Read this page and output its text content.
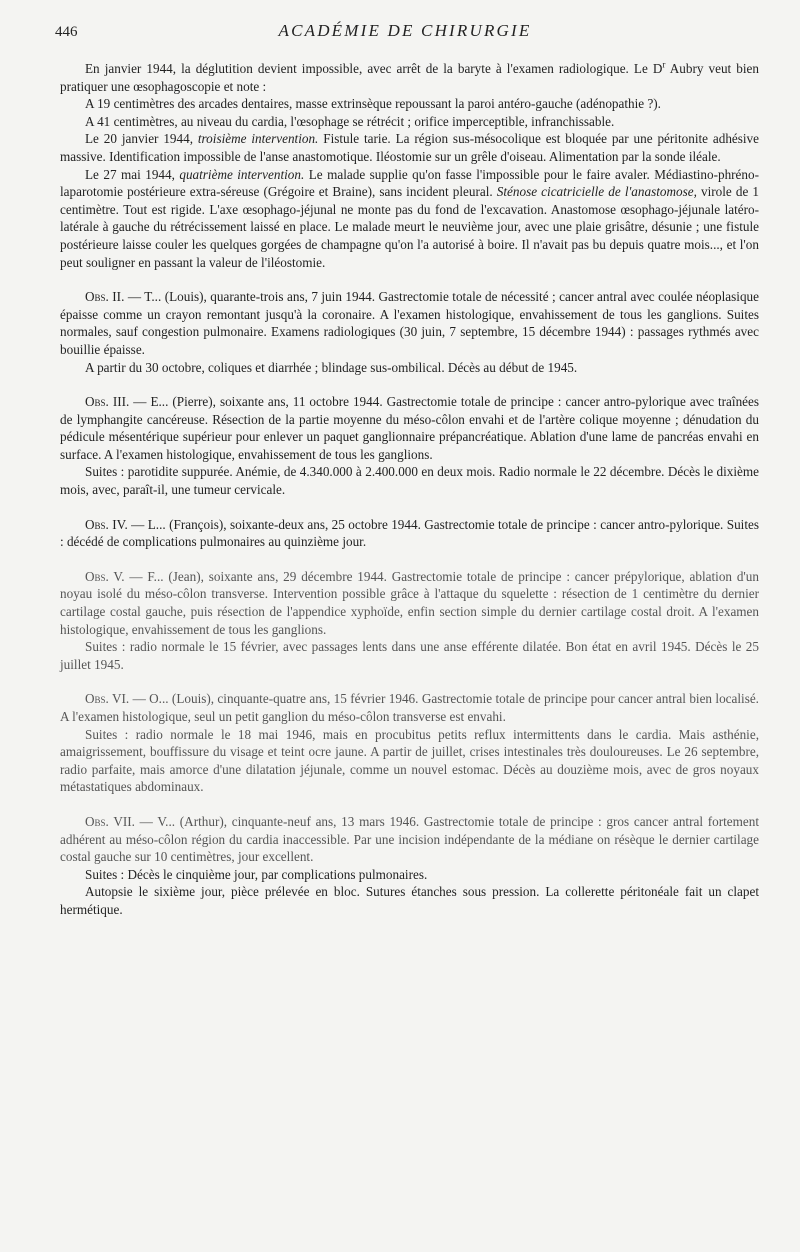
446	ACADÉMIE DE CHIRURGIE

En janvier 1944, la déglutition devient impossible, avec arrêt de la baryte à l'examen radiologique. Le $D^r$ Aubry veut bien pratiquer une œsophagoscopie et note :

A 19 centimètres des arcades dentaires, masse extrinsèque repoussant la paroi antéro-gauche (adénopathie ?).

A 41 centimètres, au niveau du cardia, l'œsophage se rétrécit ; orifice imperceptible, infranchissable.

Le 20 janvier 1944, troisième intervention. Fistule tarie. La région sus-mésocolique est bloquée par une péritonite adhésive massive. Identification impossible de l'anse anastomotique. Iléostomie sur un grêle d'oiseau. Alimentation par la sonde iléale.

Le 27 mai 1944, quatrième intervention. Le malade supplie qu'on fasse l'impossible pour le faire avaler. Médiastino-phréno-laparotomie postérieure extra-séreuse (Grégoire et Braine), sans incident pleural. Sténose cicatricielle de l'anastomose, virole de 1 centimètre. Tout est rigide. L'axe œsophago-jéjunal ne monte pas du fond de l'excavation. Anastomose œsophago-jéjunale latéro-latérale à gauche du rétrécissement laissé en place. Le malade meurt le neuvième jour, avec une plaie grisâtre, désunie ; une fistule postérieure laisse couler les quelques gorgées de champagne qu'on l'a autorisé à boire. Il n'avait pas bu depuis quatre mois..., et l'on peut souligner en passant la valeur de l'iléostomie.

Obs. II. — T... (Louis), quarante-trois ans, 7 juin 1944. Gastrectomie totale de nécessité ; cancer antral avec coulée néoplasique épaisse comme un crayon remontant jusqu'à la coronaire. A l'examen histologique, envahissement de tous les ganglions. Suites normales, sauf congestion pulmonaire. Examens radiologiques (30 juin, 7 septembre, 15 décembre 1944) : passages rythmés avec bouillie épaisse.

A partir du 30 octobre, coliques et diarrhée ; blindage sus-ombilical. Décès au début de 1945.

Obs. III. — E... (Pierre), soixante ans, 11 octobre 1944. Gastrectomie totale de principe : cancer antro-pylorique avec traînées de lymphangite cancéreuse. Résection de la partie moyenne du méso-côlon envahi et de l'artère colique moyenne ; dénudation du pédicule mésentérique supérieur pour enlever un paquet ganglionnaire prépancréatique. Ablation d'une lame de pancréas envahi en surface. A l'examen histologique, envahissement de tous les ganglions.

Suites : parotidite suppurée. Anémie, de 4.340.000 à 2.400.000 en deux mois. Radio normale le 22 décembre. Décès le dixième mois, avec, paraît-il, une tumeur cervicale.

Obs. IV. — L... (François), soixante-deux ans, 25 octobre 1944. Gastrectomie totale de principe : cancer antro-pylorique. Suites : décédé de complications pulmonaires au quinzième jour.

Obs. V. — F... (Jean), soixante ans, 29 décembre 1944. Gastrectomie totale de principe : cancer prépylorique, ablation d'un noyau isolé du méso-côlon transverse. Intervention possible grâce à l'attaque du squelette : résection de 1 centimètre du dernier cartilage costal gauche, puis résection de l'appendice xyphoïde, enfin section simple du dernier cartilage costal droit. A l'examen histologique, envahissement de tous les ganglions.

Suites : radio normale le 15 février, avec passages lents dans une anse efférente dilatée. Bon état en avril 1945. Décès le 25 juillet 1945.

Obs. VI. — O... (Louis), cinquante-quatre ans, 15 février 1946. Gastrectomie totale de principe pour cancer antral bien localisé. A l'examen histologique, seul un petit ganglion du méso-côlon transverse est envahi.

Suites : radio normale le 18 mai 1946, mais en procubitus petits reflux intermittents dans le cardia. Mais asthénie, amaigrissement, bouffissure du visage et teint ocre jaune. A partir de juillet, crises intestinales très douloureuses. Le 26 septembre, radio parfaite, mais amorce d'une dilatation jéjunale, comme un nouvel estomac. Décès au douzième mois, avec de gros noyaux métastatiques abdominaux.

Obs. VII. — V... (Arthur), cinquante-neuf ans, 13 mars 1946. Gastrectomie totale de principe : gros cancer antral fortement adhérent au méso-côlon région du cardia inaccessible. Par une incision indépendante de la médiane on résèque le dernier cartilage costal gauche sur 10 centimètres, jour excellent.

Suites : Décès le cinquième jour, par complications pulmonaires.

Autopsie le sixième jour, pièce prélevée en bloc. Sutures étanches sous pression. La collerette péritonéale fait un clapet hermétique.
